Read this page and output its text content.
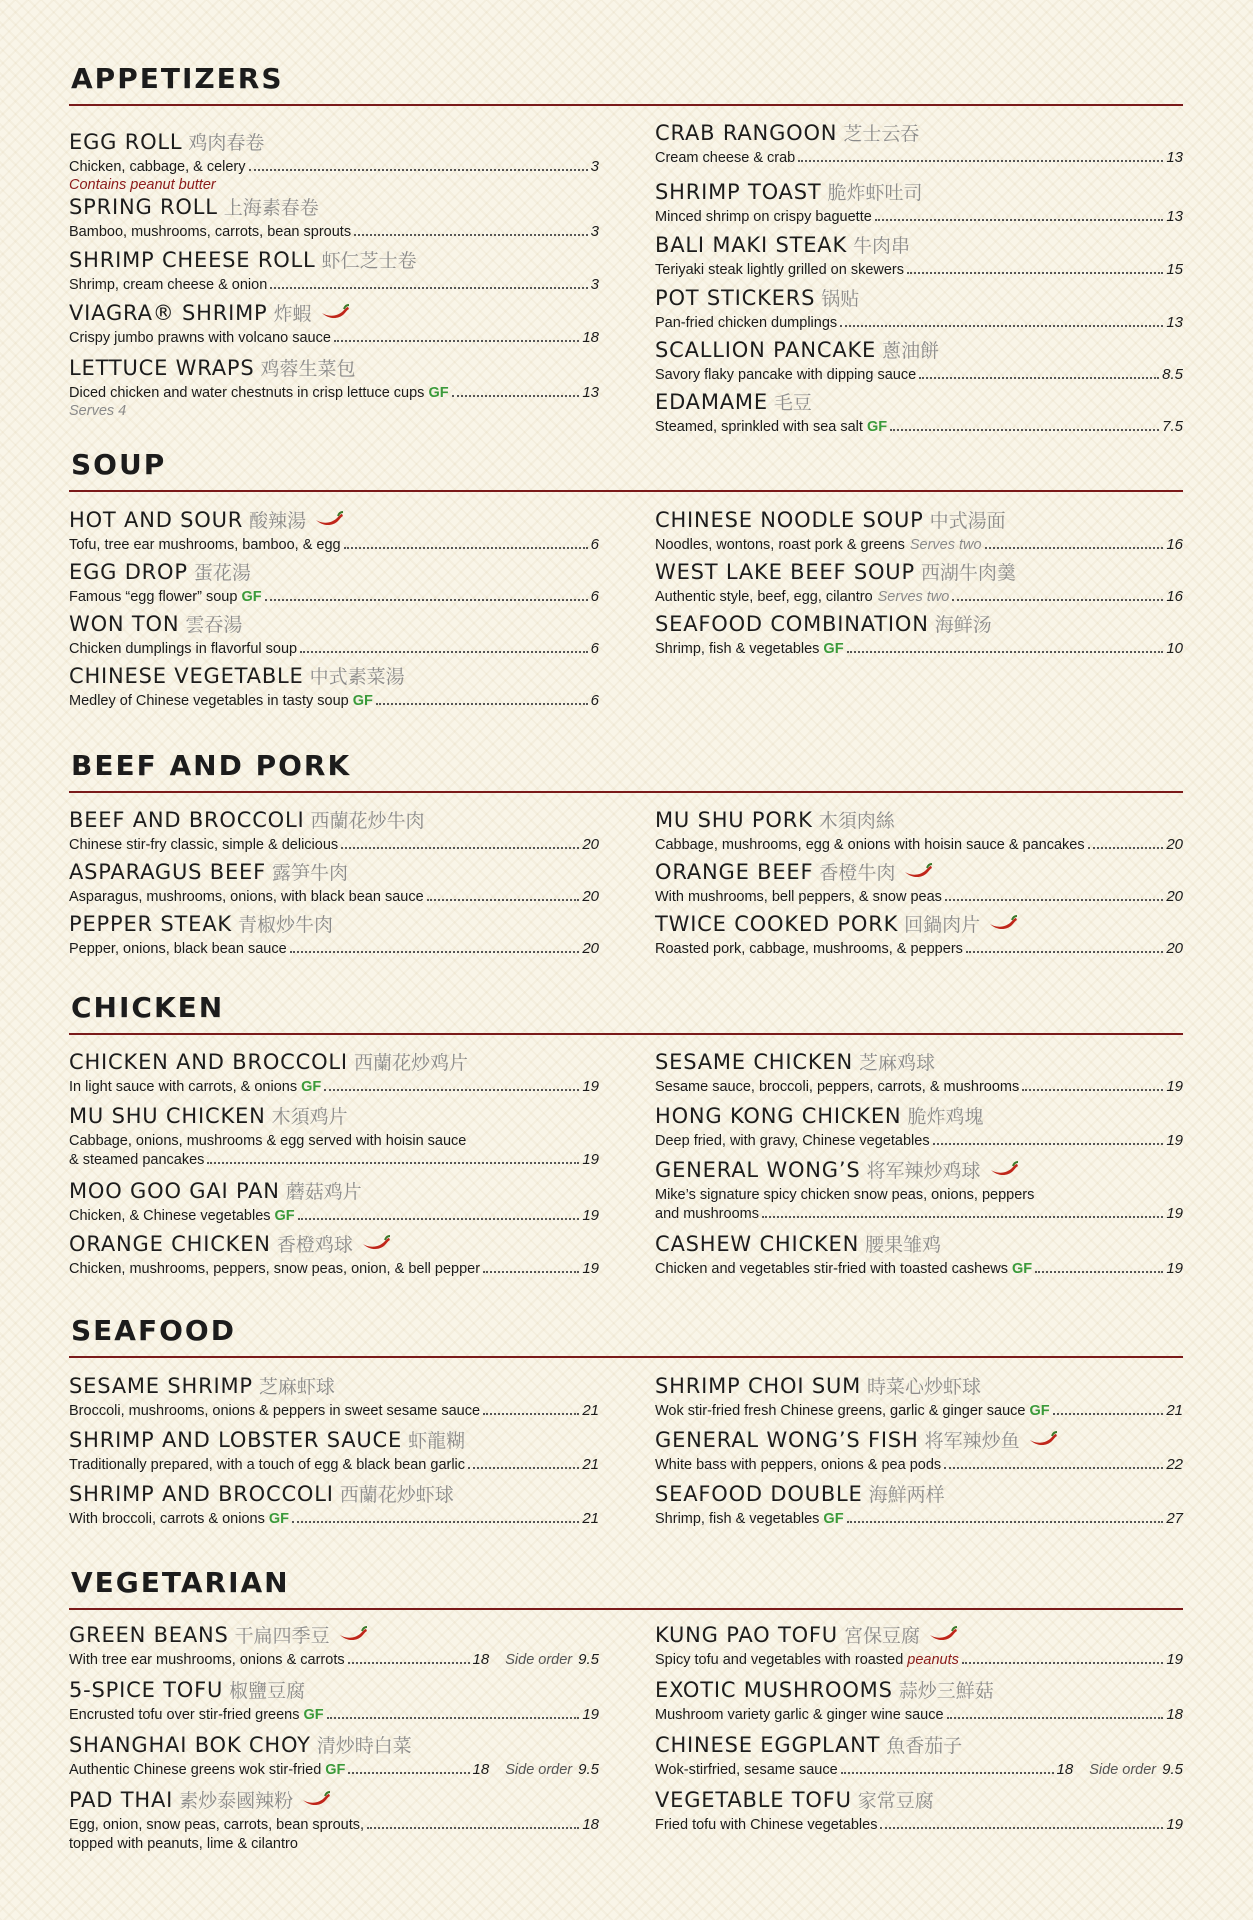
APPETIZERS
EGG ROLL 鸡肉春卷
Chicken, cabbage, & celery	3
Contains peanut butter
SPRING ROLL 上海素春卷
Bamboo, mushrooms, carrots, bean sprouts	3
SHRIMP CHEESE ROLL 虾仁芝士卷
Shrimp, cream cheese & onion	3
VIAGRA® SHRIMP 炸蝦
Crispy jumbo prawns with volcano sauce	18
LETTUCE WRAPS 鸡蓉生菜包
Diced chicken and water chestnuts in crisp lettuce cups GF	13
Serves 4
CRAB RANGOON 芝士云吞
Cream cheese & crab	13
SHRIMP TOAST 脆炸虾吐司
Minced shrimp on crispy baguette	13
BALI MAKI STEAK 牛肉串
Teriyaki steak lightly grilled on skewers	15
POT STICKERS 锅贴
Pan-fried chicken dumplings	13
SCALLION PANCAKE 蔥油餅
Savory flaky pancake with dipping sauce	8.5
EDAMAME 毛豆
Steamed, sprinkled with sea salt GF	7.5
SOUP
HOT AND SOUR 酸辣湯
Tofu, tree ear mushrooms, bamboo, & egg	6
EGG DROP 蛋花湯
Famous “egg flower” soup GF	6
WON TON 雲吞湯
Chicken dumplings in flavorful soup	6
CHINESE VEGETABLE 中式素菜湯
Medley of Chinese vegetables in tasty soup GF	6
CHINESE NOODLE SOUP 中式湯面
Noodles, wontons, roast pork & greens Serves two	16
WEST LAKE BEEF SOUP 西湖牛肉羹
Authentic style, beef, egg, cilantro Serves two	16
SEAFOOD COMBINATION 海鲜汤
Shrimp, fish & vegetables GF	10
BEEF AND PORK
BEEF AND BROCCOLI 西蘭花炒牛肉
Chinese stir-fry classic, simple & delicious	20
ASPARAGUS BEEF 露笋牛肉
Asparagus, mushrooms, onions, with black bean sauce	20
PEPPER STEAK 青椒炒牛肉
Pepper, onions, black bean sauce	20
MU SHU PORK 木須肉絲
Cabbage, mushrooms, egg & onions with hoisin sauce & pancakes	20
ORANGE BEEF 香橙牛肉
With mushrooms, bell peppers, & snow peas	20
TWICE COOKED PORK 回鍋肉片
Roasted pork, cabbage, mushrooms, & peppers	20
CHICKEN
CHICKEN AND BROCCOLI 西蘭花炒鸡片
In light sauce with carrots, & onions GF	19
MU SHU CHICKEN 木須鸡片
Cabbage, onions, mushrooms & egg served with hoisin sauce
& steamed pancakes	19
MOO GOO GAI PAN 蘑菇鸡片
Chicken, & Chinese vegetables GF	19
ORANGE CHICKEN 香橙鸡球
Chicken, mushrooms, peppers, snow peas, onion, & bell pepper	19
SESAME CHICKEN 芝麻鸡球
Sesame sauce, broccoli, peppers, carrots, & mushrooms	19
HONG KONG CHICKEN 脆炸鸡塊
Deep fried, with gravy, Chinese vegetables	19
GENERAL WONG’S 将军辣炒鸡球
Mike’s signature spicy chicken snow peas, onions, peppers
and mushrooms	19
CASHEW CHICKEN 腰果雏鸡
Chicken and vegetables stir-fried with toasted cashews GF	19
SEAFOOD
SESAME SHRIMP 芝麻虾球
Broccoli, mushrooms, onions & peppers in sweet sesame sauce	21
SHRIMP AND LOBSTER SAUCE 虾龍糊
Traditionally prepared, with a touch of egg & black bean garlic	21
SHRIMP AND BROCCOLI 西蘭花炒虾球
With broccoli, carrots & onions GF	21
SHRIMP CHOI SUM 時菜心炒虾球
Wok stir-fried fresh Chinese greens, garlic & ginger sauce GF	21
GENERAL WONG’S FISH 将军辣炒鱼
White bass with peppers, onions & pea pods	22
SEAFOOD DOUBLE 海鮮两样
Shrimp, fish & vegetables GF	27
VEGETARIAN
GREEN BEANS 干扁四季豆
With tree ear mushrooms, onions & carrots	18 Side order 9.5
5-SPICE TOFU 椒鹽豆腐
Encrusted tofu over stir-fried greens GF	19
SHANGHAI BOK CHOY 清炒時白菜
Authentic Chinese greens wok stir-fried GF	18 Side order 9.5
PAD THAI 素炒泰國辣粉
Egg, onion, snow peas, carrots, bean sprouts,	18
topped with peanuts, lime & cilantro
KUNG PAO TOFU 宮保豆腐
Spicy tofu and vegetables with roasted peanuts	19
EXOTIC MUSHROOMS 蒜炒三鮮菇
Mushroom variety garlic & ginger wine sauce	18
CHINESE EGGPLANT 魚香茄子
Wok-stirfried, sesame sauce	18 Side order 9.5
VEGETABLE TOFU 家常豆腐
Fried tofu with Chinese vegetables	19
